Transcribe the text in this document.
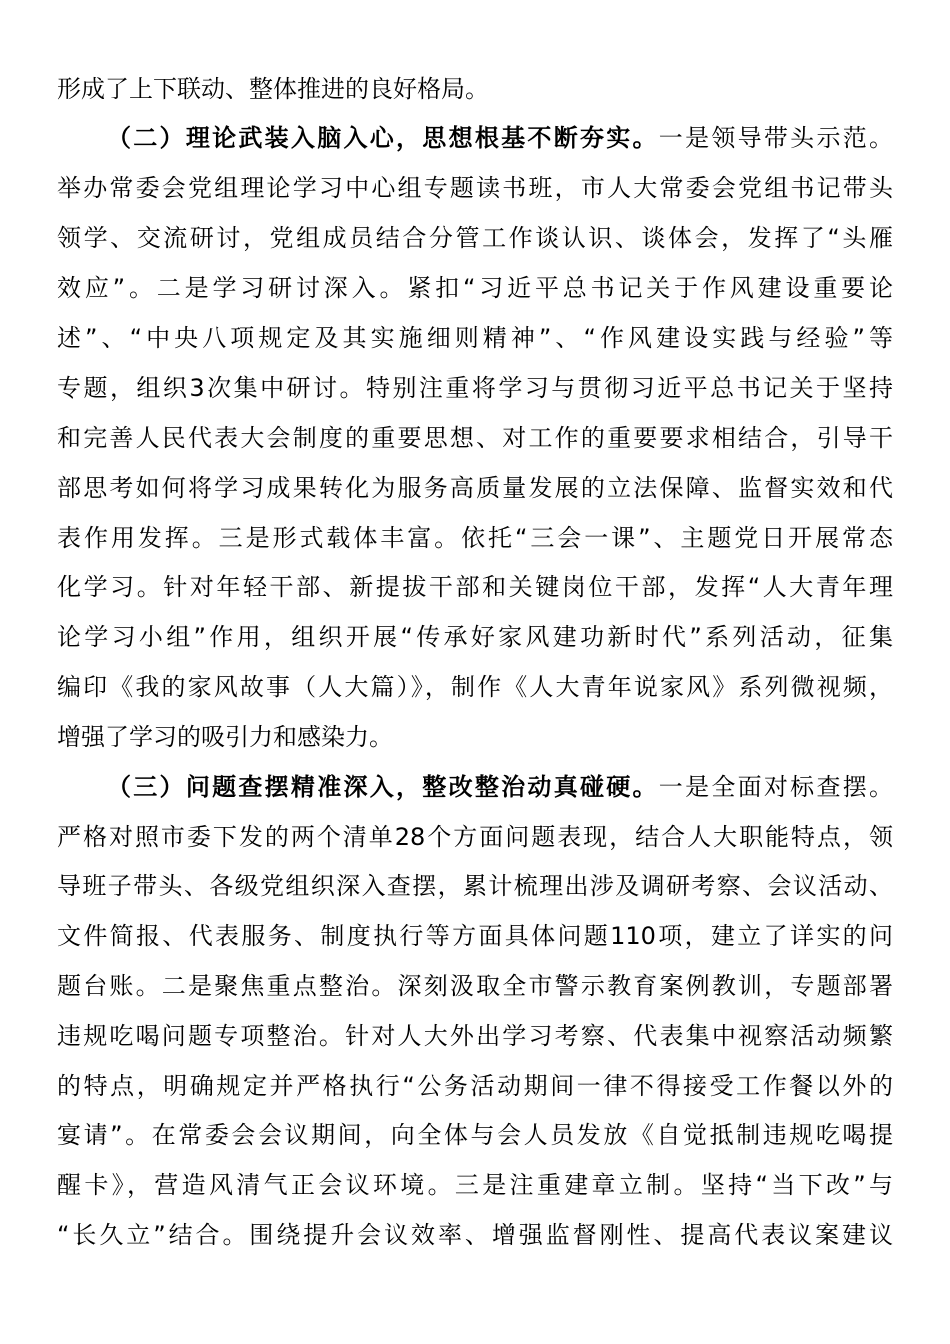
形成了上下联动、整体推进的良好格局。
（二）理论武装入脑入心，思想根基不断夯实。一是领导带头示范。
举办常委会党组理论学习中心组专题读书班，市人大常委会党组书记带头
领学、交流研讨，党组成员结合分管工作谈认识、谈体会，发挥了“头雁
效应”。二是学习研讨深入。紧扣“习近平总书记关于作风建设重要论
述”、“中央八项规定及其实施细则精神”、“作风建设实践与经验”等
专题，组织3次集中研讨。特别注重将学习与贯彻习近平总书记关于坚持
和完善人民代表大会制度的重要思想、对工作的重要要求相结合，引导干
部思考如何将学习成果转化为服务高质量发展的立法保障、监督实效和代
表作用发挥。三是形式载体丰富。依托“三会一课”、主题党日开展常态
化学习。针对年轻干部、新提拔干部和关键岗位干部，发挥“人大青年理
论学习小组”作用，组织开展“传承好家风建功新时代”系列活动，征集
编印《我的家风故事（人大篇）》，制作《人大青年说家风》系列微视频，
增强了学习的吸引力和感染力。
（三）问题查摆精准深入，整改整治动真碰硬。一是全面对标查摆。
严格对照市委下发的两个清单28个方面问题表现，结合人大职能特点，领
导班子带头、各级党组织深入查摆，累计梳理出涉及调研考察、会议活动、
文件简报、代表服务、制度执行等方面具体问题110项，建立了详实的问
题台账。二是聚焦重点整治。深刻汲取全市警示教育案例教训，专题部署
违规吃喝问题专项整治。针对人大外出学习考察、代表集中视察活动频繁
的特点，明确规定并严格执行“公务活动期间一律不得接受工作餐以外的
宴请”。在常委会会议期间，向全体与会人员发放《自觉抵制违规吃喝提
醒卡》，营造风清气正会议环境。三是注重建章立制。坚持“当下改”与
“长久立”结合。围绕提升会议效率、增强监督刚性、提高代表议案建议
